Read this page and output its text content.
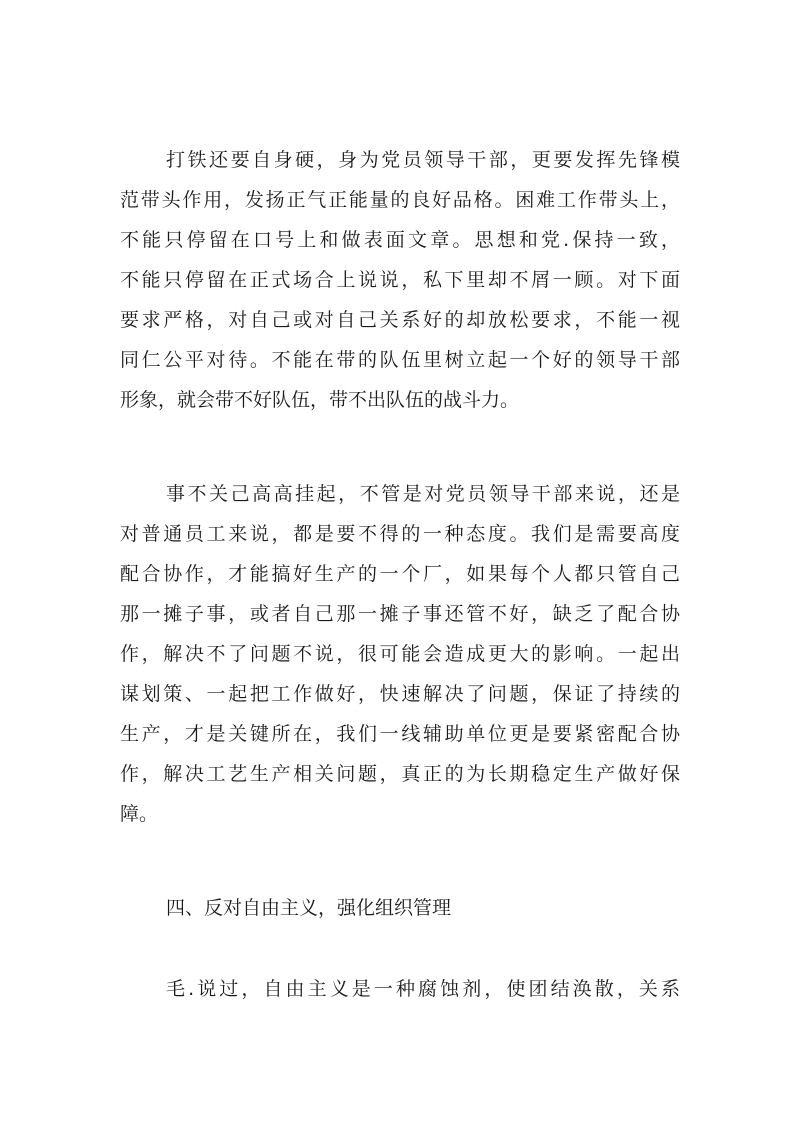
打铁还要自身硬，身为党员领导干部，更要发挥先锋模
范带头作用，发扬正气正能量的良好品格。困难工作带头上，
不能只停留在口号上和做表面文章。思想和党.保持一致，
不能只停留在正式场合上说说，私下里却不屑一顾。对下面
要求严格，对自己或对自己关系好的却放松要求，不能一视
同仁公平对待。不能在带的队伍里树立起一个好的领导干部
形象，就会带不好队伍，带不出队伍的战斗力。
事不关己高高挂起，不管是对党员领导干部来说，还是
对普通员工来说，都是要不得的一种态度。我们是需要高度
配合协作，才能搞好生产的一个厂，如果每个人都只管自己
那一摊子事，或者自己那一摊子事还管不好，缺乏了配合协
作，解决不了问题不说，很可能会造成更大的影响。一起出
谋划策、一起把工作做好，快速解决了问题，保证了持续的
生产，才是关键所在，我们一线辅助单位更是要紧密配合协
作，解决工艺生产相关问题，真正的为长期稳定生产做好保
障。
四、反对自由主义，强化组织管理
毛.说过，自由主义是一种腐蚀剂，使团结涣散，关系
